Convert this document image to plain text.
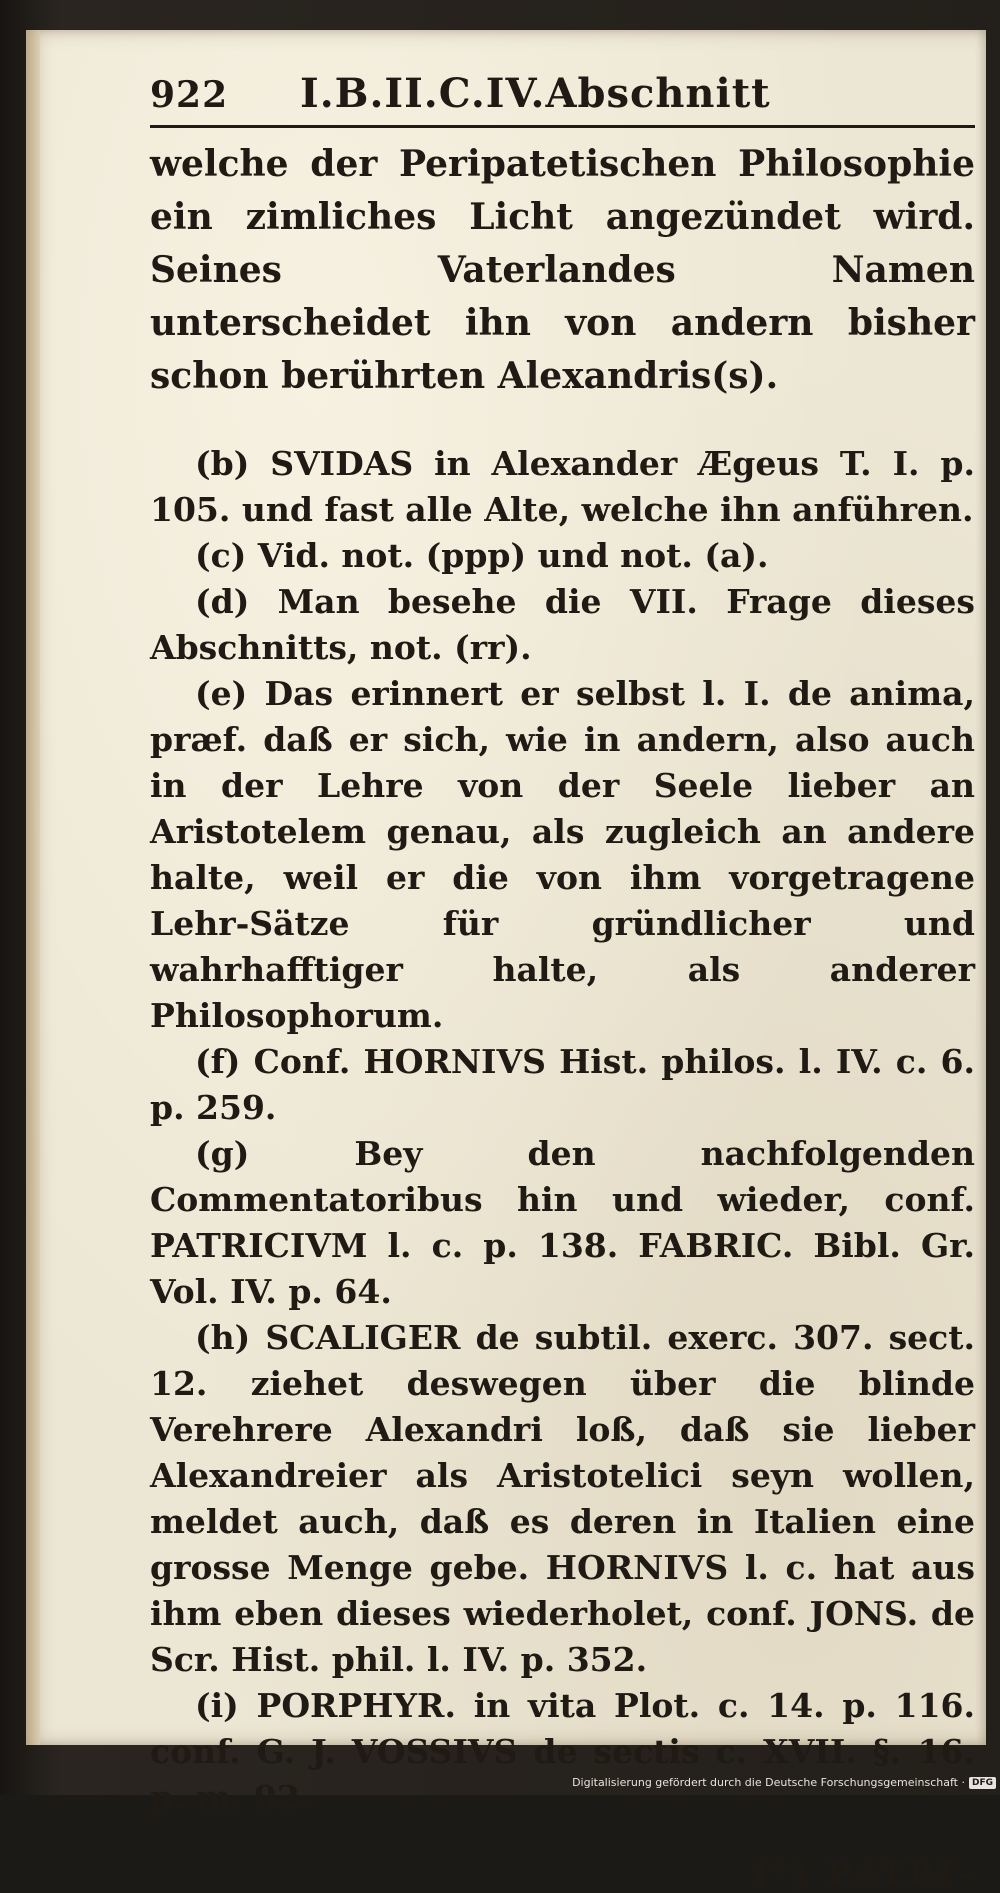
922	I.B.II.C.IV.Abschnitt

welche der Peripatetischen Philosophie ein zimliches Licht angezündet wird. Seines Vaterlandes Namen unterscheidet ihn von andern bisher schon berührten Alexandris(s).

(b) SVIDAS in Alexander Ægeus T. I. p. 105. und fast alle Alte, welche ihn anführen.

(c) Vid. not. (ppp) und not. (a).

(d) Man besehe die VII. Frage dieses Abschnitts, not. (rr).

(e) Das erinnert er selbst l. I. de anima, præf. daß er sich, wie in andern, also auch in der Lehre von der Seele lieber an Aristotelem genau, als zugleich an andere halte, weil er die von ihm vorgetragene Lehr-Sätze für gründlicher und wahrhafftiger halte, als anderer Philosophorum.

(f) Conf. HORNIVS Hist. philos. l. IV. c. 6. p. 259.

(g) Bey den nachfolgenden Commentatoribus hin und wieder, conf. PATRICIVM l. c. p. 138. FABRIC. Bibl. Gr. Vol. IV. p. 64.

(h) SCALIGER de subtil. exerc. 307. sect. 12. ziehet deswegen über die blinde Verehrere Alexandri loß, daß sie lieber Alexandreier als Aristotelici seyn wollen, meldet auch, daß es deren in Italien eine grosse Menge gebe. HORNIVS l. c. hat aus ihm eben dieses wiederholet, conf. JONS. de Scr. Hist. phil. l. IV. p. 352.

(i) PORPHYR. in vita Plot. c. 14. p. 116. conf. G. J. VOSSIVS de sectis c. XVII. §. 16. p. m. 92.

(*) PATRI-
Digitalisierung gefördert durch die Deutsche Forschungsgemeinschaft · DFG
